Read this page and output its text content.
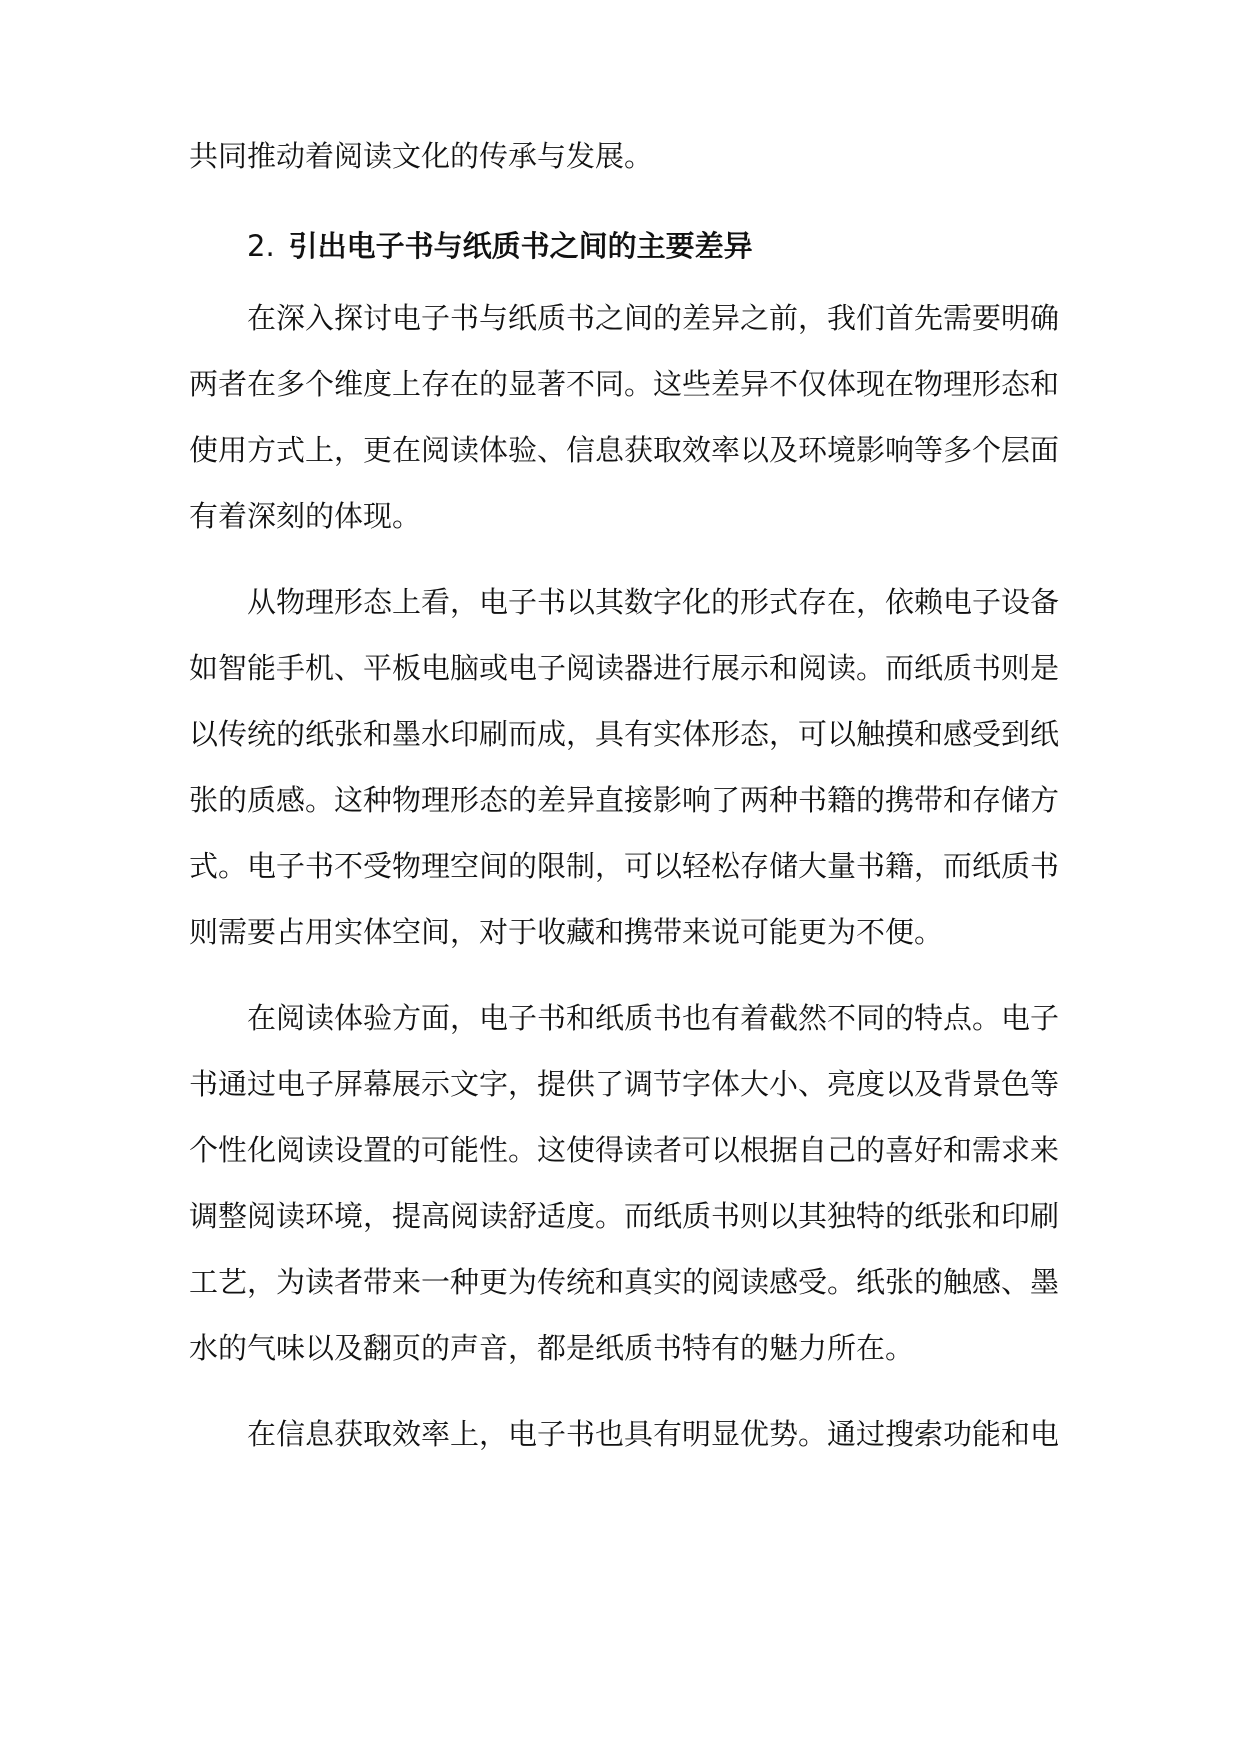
共同推动着阅读文化的传承与发展。

2. 引出电子书与纸质书之间的主要差异

在深入探讨电子书与纸质书之间的差异之前，我们首先需要明确

两者在多个维度上存在的显著不同。这些差异不仅体现在物理形态和

使用方式上，更在阅读体验、信息获取效率以及环境影响等多个层面

有着深刻的体现。

从物理形态上看，电子书以其数字化的形式存在，依赖电子设备

如智能手机、平板电脑或电子阅读器进行展示和阅读。而纸质书则是

以传统的纸张和墨水印刷而成，具有实体形态，可以触摸和感受到纸

张的质感。这种物理形态的差异直接影响了两种书籍的携带和存储方

式。电子书不受物理空间的限制，可以轻松存储大量书籍，而纸质书

则需要占用实体空间，对于收藏和携带来说可能更为不便。

在阅读体验方面，电子书和纸质书也有着截然不同的特点。电子

书通过电子屏幕展示文字，提供了调节字体大小、亮度以及背景色等

个性化阅读设置的可能性。这使得读者可以根据自己的喜好和需求来

调整阅读环境，提高阅读舒适度。而纸质书则以其独特的纸张和印刷

工艺，为读者带来一种更为传统和真实的阅读感受。纸张的触感、墨

水的气味以及翻页的声音，都是纸质书特有的魅力所在。

在信息获取效率上，电子书也具有明显优势。通过搜索功能和电
